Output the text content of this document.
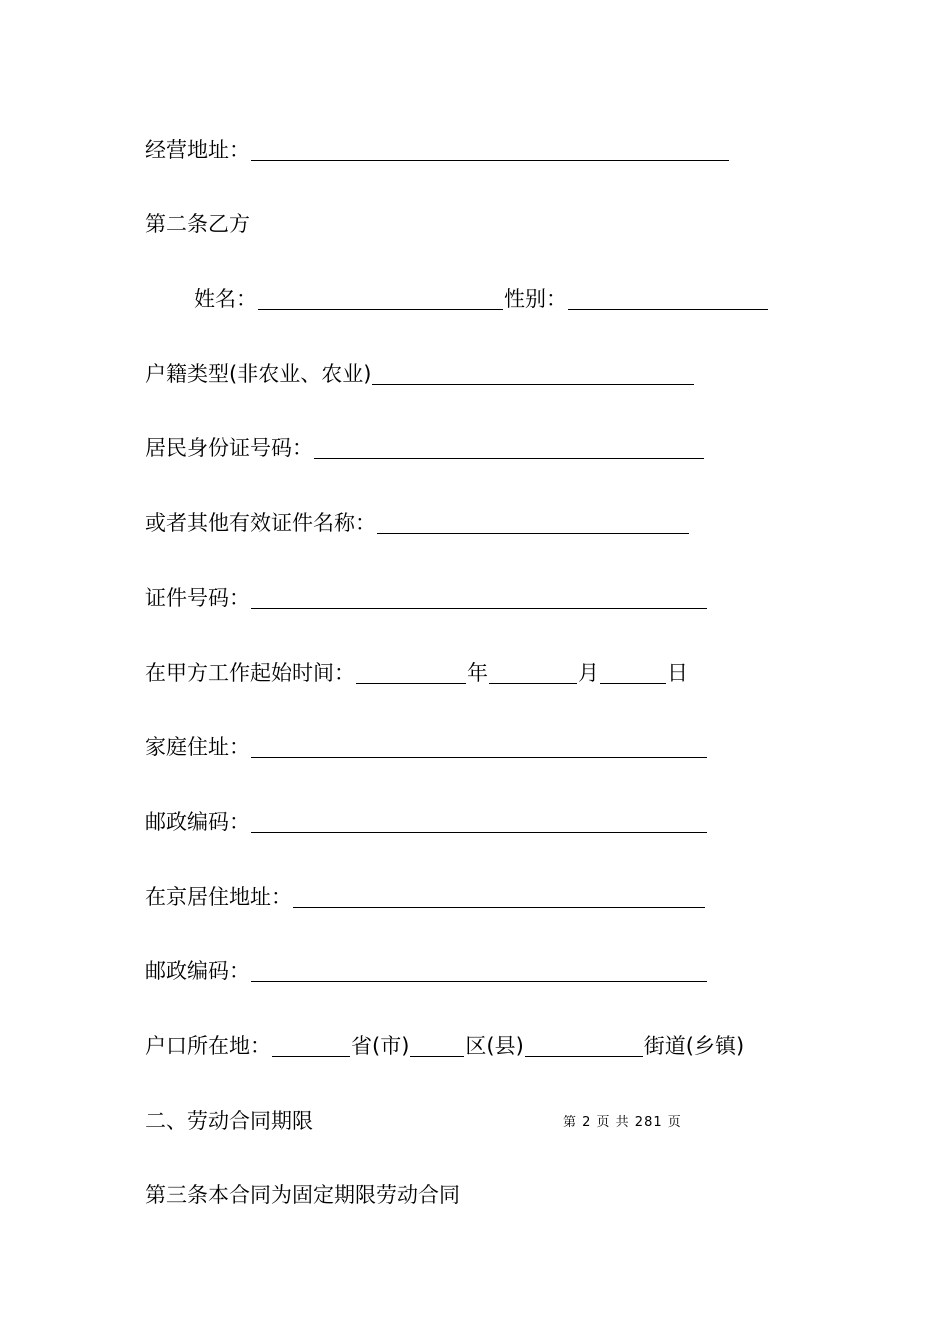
经营地址：
第二条乙方
姓名：	性别：
户籍类型(非农业、农业)
居民身份证号码：
或者其他有效证件名称：
证件号码：
在甲方工作起始时间：	年	月	日
家庭住址：
邮政编码：
在京居住地址：
邮政编码：
户口所在地：	省(市)	区(县)	街道(乡镇)
二、劳动合同期限	第 2 页 共 281 页
第三条本合同为固定期限劳动合同
